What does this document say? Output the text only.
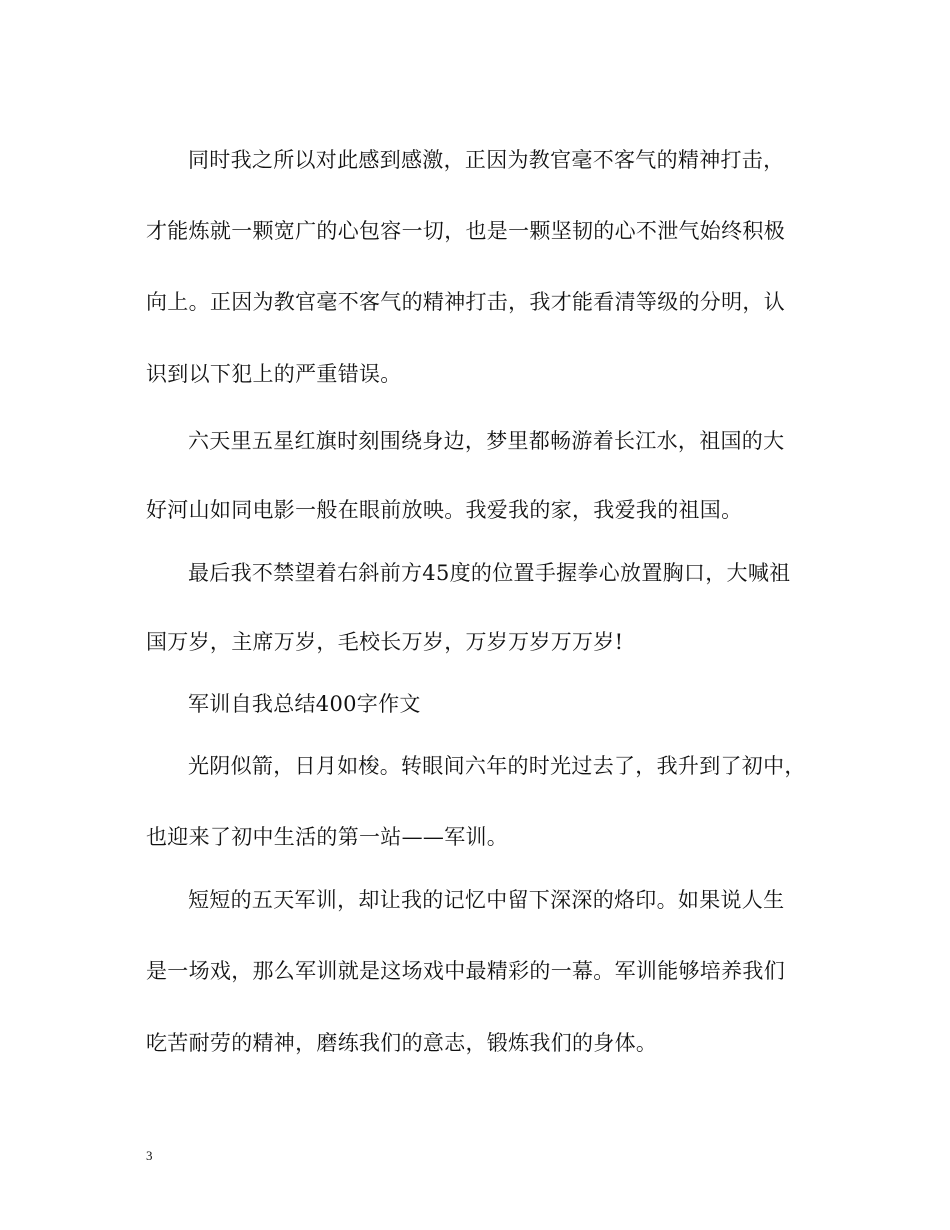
同时我之所以对此感到感激，正因为教官毫不客气的精神打击，
才能炼就一颗宽广的心包容一切，也是一颗坚韧的心不泄气始终积极
向上。正因为教官毫不客气的精神打击，我才能看清等级的分明，认
识到以下犯上的严重错误。
六天里五星红旗时刻围绕身边，梦里都畅游着长江水，祖国的大
好河山如同电影一般在眼前放映。我爱我的家，我爱我的祖国。
最后我不禁望着右斜前方45度的位置手握拳心放置胸口，大喊祖
国万岁，主席万岁，毛校长万岁，万岁万岁万万岁!
军训自我总结400字作文
光阴似箭，日月如梭。转眼间六年的时光过去了，我升到了初中，
也迎来了初中生活的第一站——军训。
短短的五天军训，却让我的记忆中留下深深的烙印。如果说人生
是一场戏，那么军训就是这场戏中最精彩的一幕。军训能够培养我们
吃苦耐劳的精神，磨练我们的意志，锻炼我们的身体。
3
